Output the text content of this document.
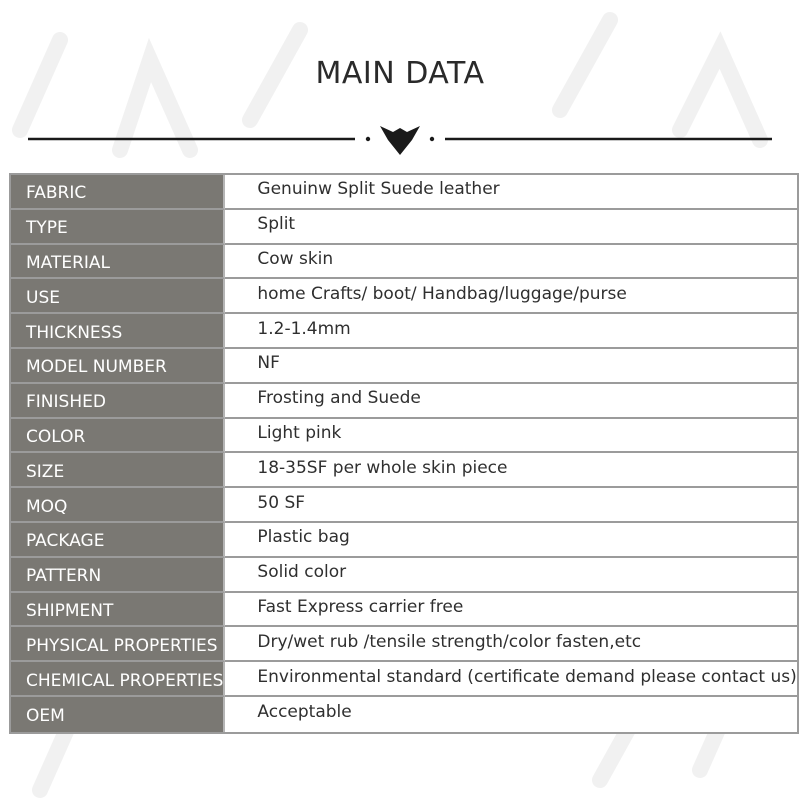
MAIN DATA
FABRIC	Genuinw Split Suede leather
TYPE	Split
MATERIAL	Cow skin
USE	home Crafts/ boot/ Handbag/luggage/purse
THICKNESS	1.2-1.4mm
MODEL NUMBER	NF
FINISHED	Frosting and Suede
COLOR	Light pink
SIZE	18-35SF per whole skin piece
MOQ	50 SF
PACKAGE	Plastic bag
PATTERN	Solid color
SHIPMENT	Fast Express carrier free
PHYSICAL PROPERTIES	Dry/wet rub /tensile strength/color fasten,etc
CHEMICAL PROPERTIES	Environmental standard (certificate demand please contact us)
OEM	Acceptable
